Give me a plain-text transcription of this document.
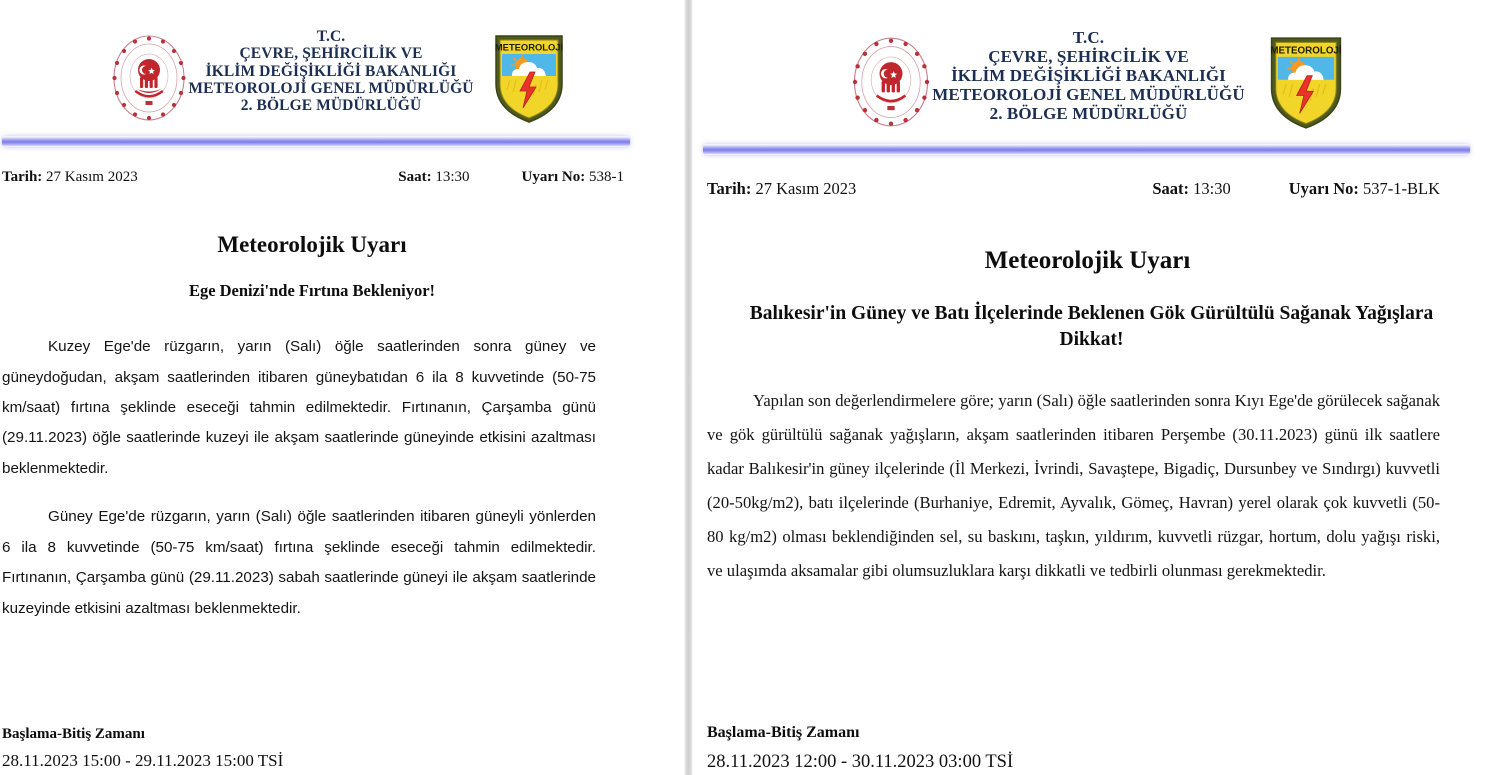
T.C.
ÇEVRE, ŞEHİRCİLİK VE
İKLİM DEĞİŞİKLİĞİ BAKANLIĞI
METEOROLOJİ GENEL MÜDÜRLÜĞÜ
2. BÖLGE MÜDÜRLÜĞÜ
METEOROLOJİ
Tarih: 27 Kasım 2023	Saat: 13:30	Uyarı No: 538-1
Meteorolojik Uyarı
Ege Denizi'nde Fırtına Bekleniyor!

Kuzey Ege'de rüzgarın, yarın (Salı) öğle saatlerinden sonra güney ve güneydoğudan, akşam saatlerinden itibaren güneybatıdan 6 ila 8 kuvvetinde (50-75 km/saat) fırtına şeklinde eseceği tahmin edilmektedir. Fırtınanın, Çarşamba günü (29.11.2023) öğle saatlerinde kuzeyi ile akşam saatlerinde güneyinde etkisini azaltması beklenmektedir.

Güney Ege'de rüzgarın, yarın (Salı) öğle saatlerinden itibaren güneyli yönlerden 6 ila 8 kuvvetinde (50-75 km/saat) fırtına şeklinde eseceği tahmin edilmektedir. Fırtınanın, Çarşamba günü (29.11.2023) sabah saatlerinde güneyi ile akşam saatlerinde kuzeyinde etkisini azaltması beklenmektedir.

Başlama-Bitiş Zamanı
28.11.2023 15:00 - 29.11.2023 15:00 TSİ
T.C.
ÇEVRE, ŞEHİRCİLİK VE
İKLİM DEĞİŞİKLİĞİ BAKANLIĞI
METEOROLOJİ GENEL MÜDÜRLÜĞÜ
2. BÖLGE MÜDÜRLÜĞÜ
METEOROLOJİ
Tarih: 27 Kasım 2023	Saat: 13:30	Uyarı No: 537-1-BLK
Meteorolojik Uyarı
Balıkesir'in Güney ve Batı İlçelerinde Beklenen Gök Gürültülü Sağanak Yağışlara Dikkat!

Yapılan son değerlendirmelere göre; yarın (Salı) öğle saatlerinden sonra Kıyı Ege'de görülecek sağanak ve gök gürültülü sağanak yağışların, akşam saatlerinden itibaren Perşembe (30.11.2023) günü ilk saatlere kadar Balıkesir'in güney ilçelerinde (İl Merkezi, İvrindi, Savaştepe, Bigadiç, Dursunbey ve Sındırgı) kuvvetli (20-50kg/m2), batı ilçelerinde (Burhaniye, Edremit, Ayvalık, Gömeç, Havran) yerel olarak çok kuvvetli (50-80 kg/m2) olması beklendiğinden sel, su baskını, taşkın, yıldırım, kuvvetli rüzgar, hortum, dolu yağışı riski, ve ulaşımda aksamalar gibi olumsuzluklara karşı dikkatli ve tedbirli olunması gerekmektedir.

Başlama-Bitiş Zamanı
28.11.2023 12:00 - 30.11.2023 03:00 TSİ
